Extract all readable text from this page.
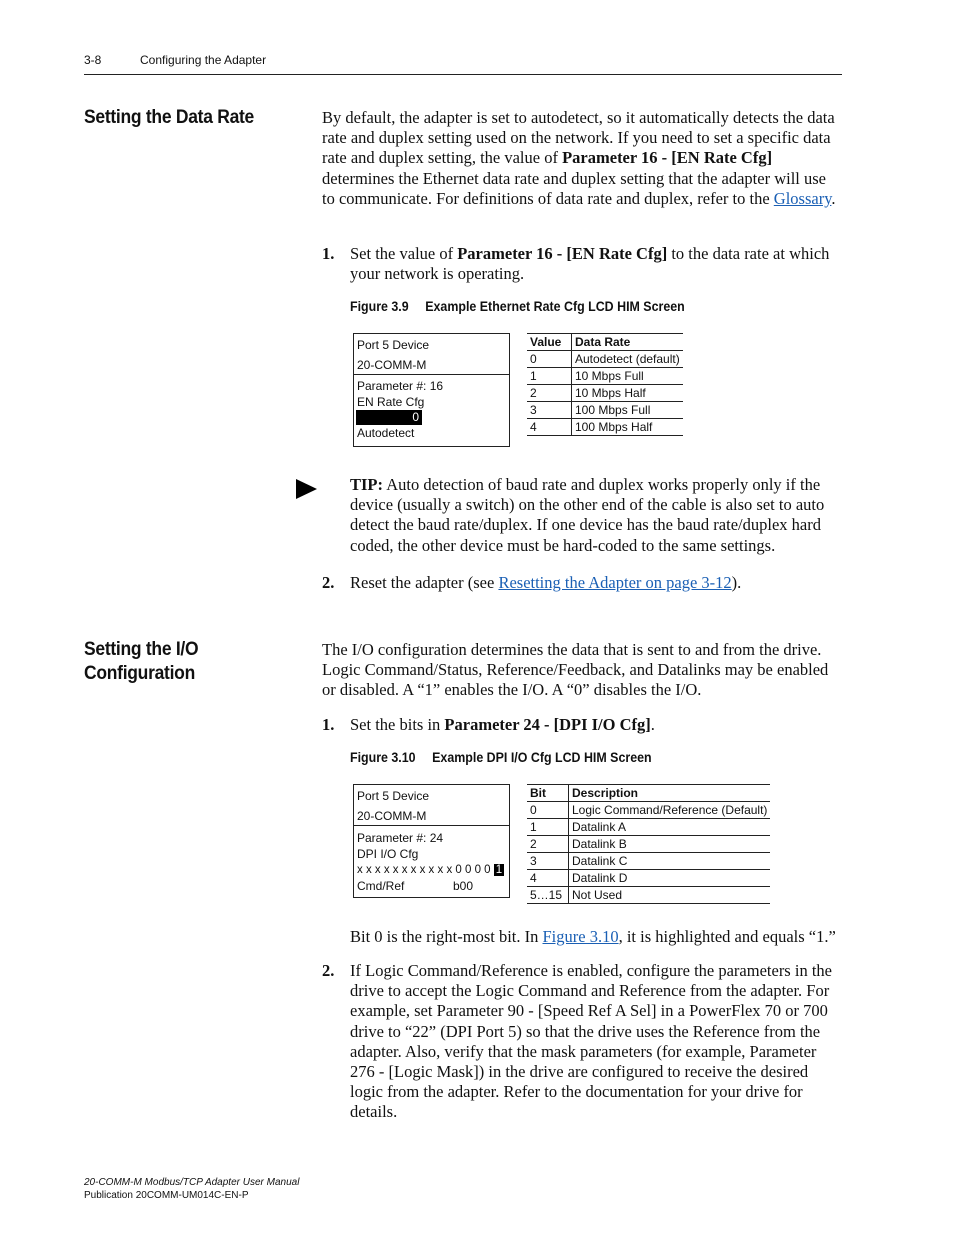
3-8	Configuring the Adapter
Setting the Data Rate	By default, the adapter is set to autodetect, so it automatically detects the data rate and duplex setting used on the network. If you need to set a specific data rate and duplex setting, the value of Parameter 16 - [EN Rate Cfg] determines the Ethernet data rate and duplex setting that the adapter will use to communicate. For definitions of data rate and duplex, refer to the Glossary.
1. Set the value of Parameter 16 - [EN Rate Cfg] to the data rate at which your network is operating.
Figure 3.9 Example Ethernet Rate Cfg LCD HIM Screen
Port 5 Device
20-COMM-M
Parameter #: 16
EN Rate Cfg
0
Autodetect
Value	Data Rate
0	Autodetect (default)
1	10 Mbps Full
2	10 Mbps Half
3	100 Mbps Full
4	100 Mbps Half
TIP: Auto detection of baud rate and duplex works properly only if the device (usually a switch) on the other end of the cable is also set to auto detect the baud rate/duplex. If one device has the baud rate/duplex hard coded, the other device must be hard-coded to the same settings.
2. Reset the adapter (see Resetting the Adapter on page 3-12).
Setting the I/O
Configuration
The I/O configuration determines the data that is sent to and from the drive. Logic Command/Status, Reference/Feedback, and Datalinks may be enabled or disabled. A “1” enables the I/O. A “0” disables the I/O.
1. Set the bits in Parameter 24 - [DPI I/O Cfg].
Figure 3.10 Example DPI I/O Cfg LCD HIM Screen
Port 5 Device
20-COMM-M
Parameter #: 24
DPI I/O Cfg
x x x x x x x x x x x 0 0 0 0 1
Cmd/Ref	b00
Bit	Description
0	Logic Command/Reference (Default)
1	Datalink A
2	Datalink B
3	Datalink C
4	Datalink D
5…15	Not Used
Bit 0 is the right-most bit. In Figure 3.10, it is highlighted and equals “1.”
2. If Logic Command/Reference is enabled, configure the parameters in the drive to accept the Logic Command and Reference from the adapter. For example, set Parameter 90 - [Speed Ref A Sel] in a PowerFlex 70 or 700 drive to “22” (DPI Port 5) so that the drive uses the Reference from the adapter. Also, verify that the mask parameters (for example, Parameter 276 - [Logic Mask]) in the drive are configured to receive the desired logic from the adapter. Refer to the documentation for your drive for details.
20-COMM-M Modbus/TCP Adapter User Manual
Publication 20COMM-UM014C-EN-P
